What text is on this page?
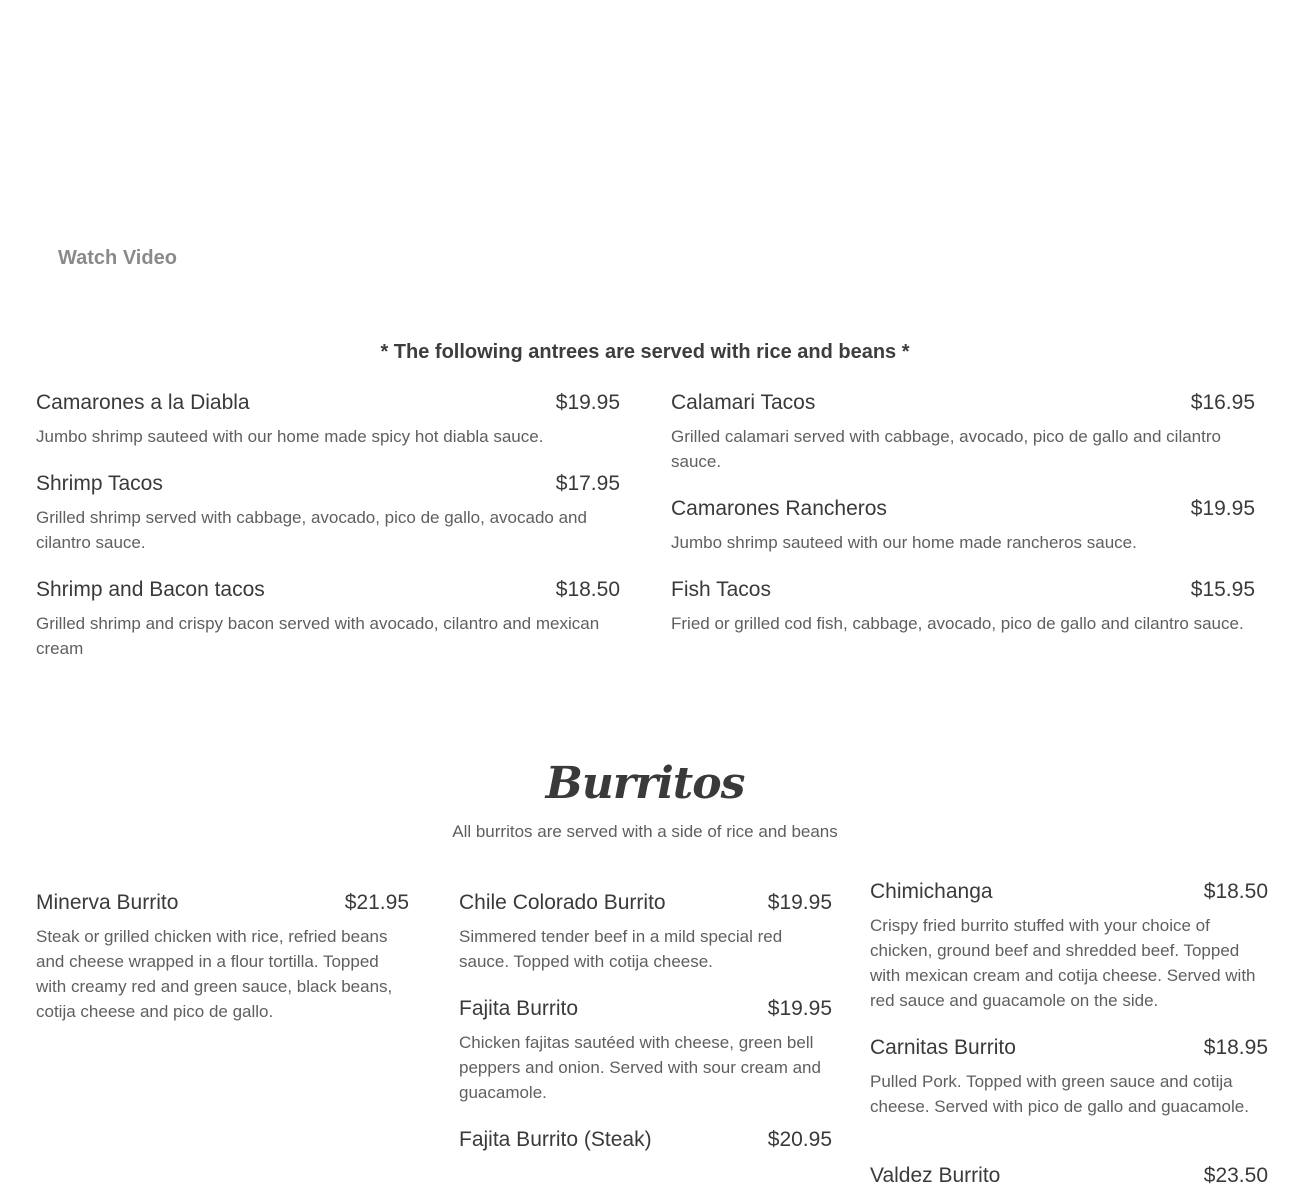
Watch Video
* The following antrees are served with rice and beans *
Camarones a la Diabla	$19.95
Jumbo shrimp sauteed with our home made spicy hot diabla sauce.
Shrimp Tacos	$17.95
Grilled shrimp served with cabbage, avocado, pico de gallo, avocado and cilantro sauce.
Shrimp and Bacon tacos	$18.50
Grilled shrimp and crispy bacon served with avocado, cilantro and mexican cream
Calamari Tacos	$16.95
Grilled calamari served with cabbage, avocado, pico de gallo and cilantro sauce.
Camarones Rancheros	$19.95
Jumbo shrimp sauteed with our home made rancheros sauce.
Fish Tacos	$15.95
Fried or grilled cod fish, cabbage, avocado, pico de gallo and cilantro sauce.
Burritos
All burritos are served with a side of rice and beans
Minerva Burrito	$21.95
Steak or grilled chicken with rice, refried beans and cheese wrapped in a flour tortilla. Topped with creamy red and green sauce, black beans, cotija cheese and pico de gallo.
Chile Colorado Burrito	$19.95
Simmered tender beef in a mild special red sauce. Topped with cotija cheese.
Fajita Burrito	$19.95
Chicken fajitas sautéed with cheese, green bell peppers and onion. Served with sour cream and guacamole.
Fajita Burrito (Steak)	$20.95
Chimichanga	$18.50
Crispy fried burrito stuffed with your choice of chicken, ground beef and shredded beef. Topped with mexican cream and cotija cheese. Served with red sauce and guacamole on the side.
Carnitas Burrito	$18.95
Pulled Pork. Topped with green sauce and cotija cheese. Served with pico de gallo and guacamole.
Valdez Burrito	$23.50
